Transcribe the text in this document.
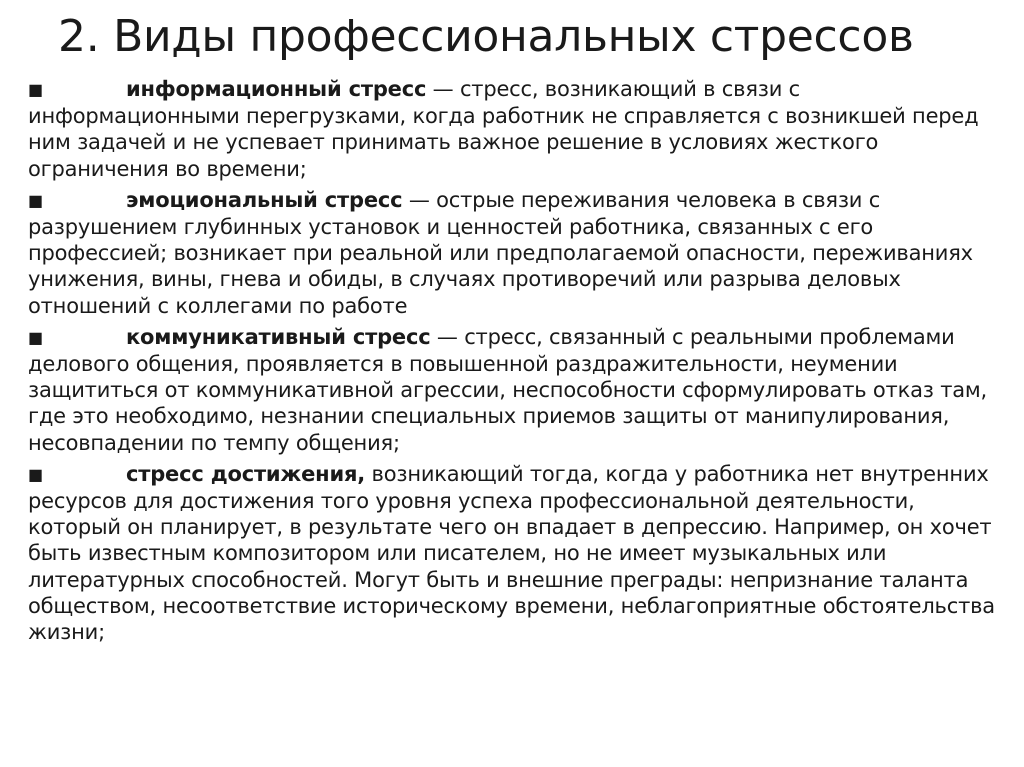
2. Виды профессиональных стрессов
■	информационный стресс — стресс, возникающий в связи с информационными перегрузками, когда работник не справляется с возникшей перед ним задачей и не успевает принимать важное решение в условиях жесткого ограничения во времени;
■	эмоциональный стресс — острые переживания человека в связи с разрушением глубинных установок и ценностей работника, связанных с его профессией; возникает при реальной или предполагаемой опасности, переживаниях унижения, вины, гнева и обиды, в случаях противоречий или разрыва деловых отношений с коллегами по работе
■	коммуникативный стресс — стресс, связанный с реальными проблемами делового общения, проявляется в повышенной раздражительности, неумении защититься от коммуникативной агрессии, неспособности сформулировать отказ там, где это необходимо, незнании специальных приемов защиты от манипулирования, несовпадении по темпу общения;
■	стресс достижения, возникающий тогда, когда у работника нет внутренних ресурсов для достижения того уровня успеха профессиональной деятельности, который он планирует, в результате чего он впадает в депрессию. Например, он хочет быть известным композитором или писателем, но не имеет музыкальных или литературных способностей. Могут быть и внешние преграды: непризнание таланта обществом, несоответствие историческому времени, неблагоприятные обстоятельства жизни;
